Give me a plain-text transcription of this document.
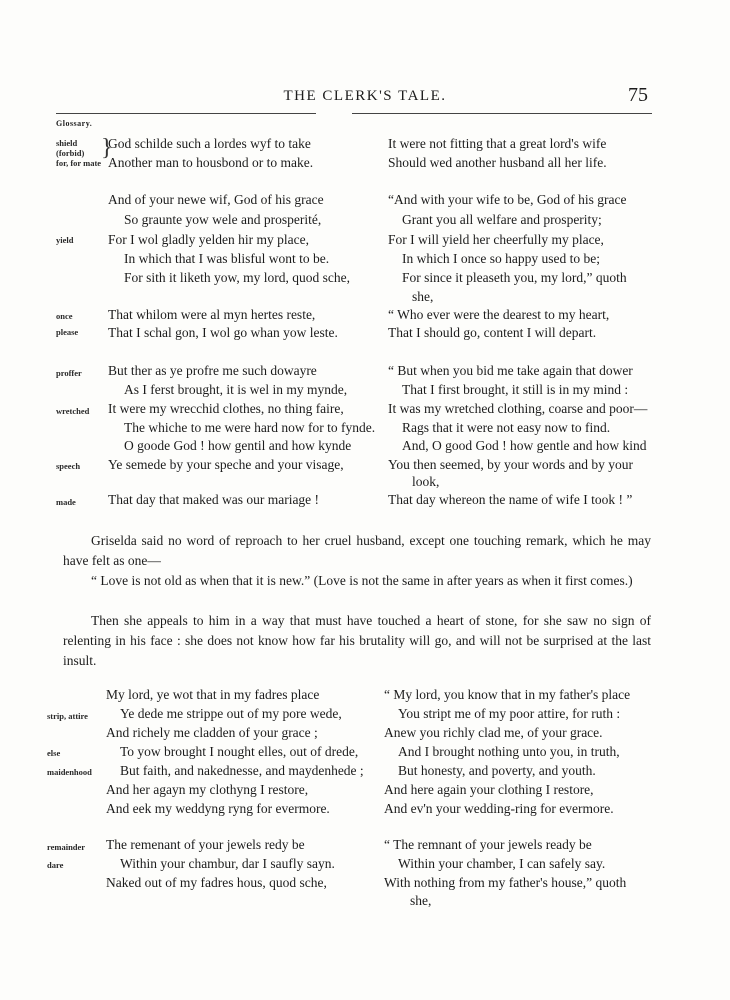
THE CLERK'S TALE.	75
Glossary.
shield (forbid) }
for, for mate
God schilde such a lordes wyf to take
Another man to housbond or to make.
It were not fitting that a great lord's wife
Should wed another husband all her life.
yield
And of your newe wif, God of his grace
So graunte yow wele and prosperité,
For I wol gladly yelden hir my place,
In which that I was blisful wont to be.
For sith it liketh yow, my lord, quod sche,
“And with your wife to be, God of his grace
Grant you all welfare and prosperity;
For I will yield her cheerfully my place,
In which I once so happy used to be;
For since it pleaseth you, my lord,” quoth
she,
once
please
That whilom were al myn hertes reste,
That I schal gon, I wol go whan yow leste.
“ Who ever were the dearest to my heart,
That I should go, content I will depart.
proffer
wretched
speech
made
But ther as ye profre me such dowayre
As I ferst brought, it is wel in my mynde,
It were my wrecchid clothes, no thing faire,
The whiche to me were hard now for to fynde.
O goode God ! how gentil and how kynde
Ye semede by your speche and your visage,
That day that maked was our mariage !
“ But when you bid me take again that dower
That I first brought, it still is in my mind :
It was my wretched clothing, coarse and poor—
Rags that it were not easy now to find.
And, O good God ! how gentle and how kind
You then seemed, by your words and by your
look,
That day whereon the name of wife I took ! ”

Griselda said no word of reproach to her cruel husband, except one touching remark, which he may have felt as one—

“ Love is not old as when that it is new.” (Love is not the same in after years as when it first comes.)

Then she appeals to him in a way that must have touched a heart of stone, for she saw no sign of relenting in his face : she does not know how far his brutality will go, and will not be surprised at the last insult.

strip, attire
else
maidenhood
My lord, ye wot that in my fadres place
Ye dede me strippe out of my pore wede,
And richely me cladden of your grace ;
To yow brought I nought elles, out of drede,
But faith, and nakednesse, and maydenhede ;
And her agayn my clothyng I restore,
And eek my weddyng ryng for evermore.
“ My lord, you know that in my father's place
You stript me of my poor attire, for ruth :
Anew you richly clad me, of your grace.
And I brought nothing unto you, in truth,
But honesty, and poverty, and youth.
And here again your clothing I restore,
And ev'n your wedding-ring for evermore.
remainder
dare
The remenant of your jewels redy be
Within your chambur, dar I saufly sayn.
Naked out of my fadres hous, quod sche,
“ The remnant of your jewels ready be
Within your chamber, I can safely say.
With nothing from my father's house,” quoth
she,
